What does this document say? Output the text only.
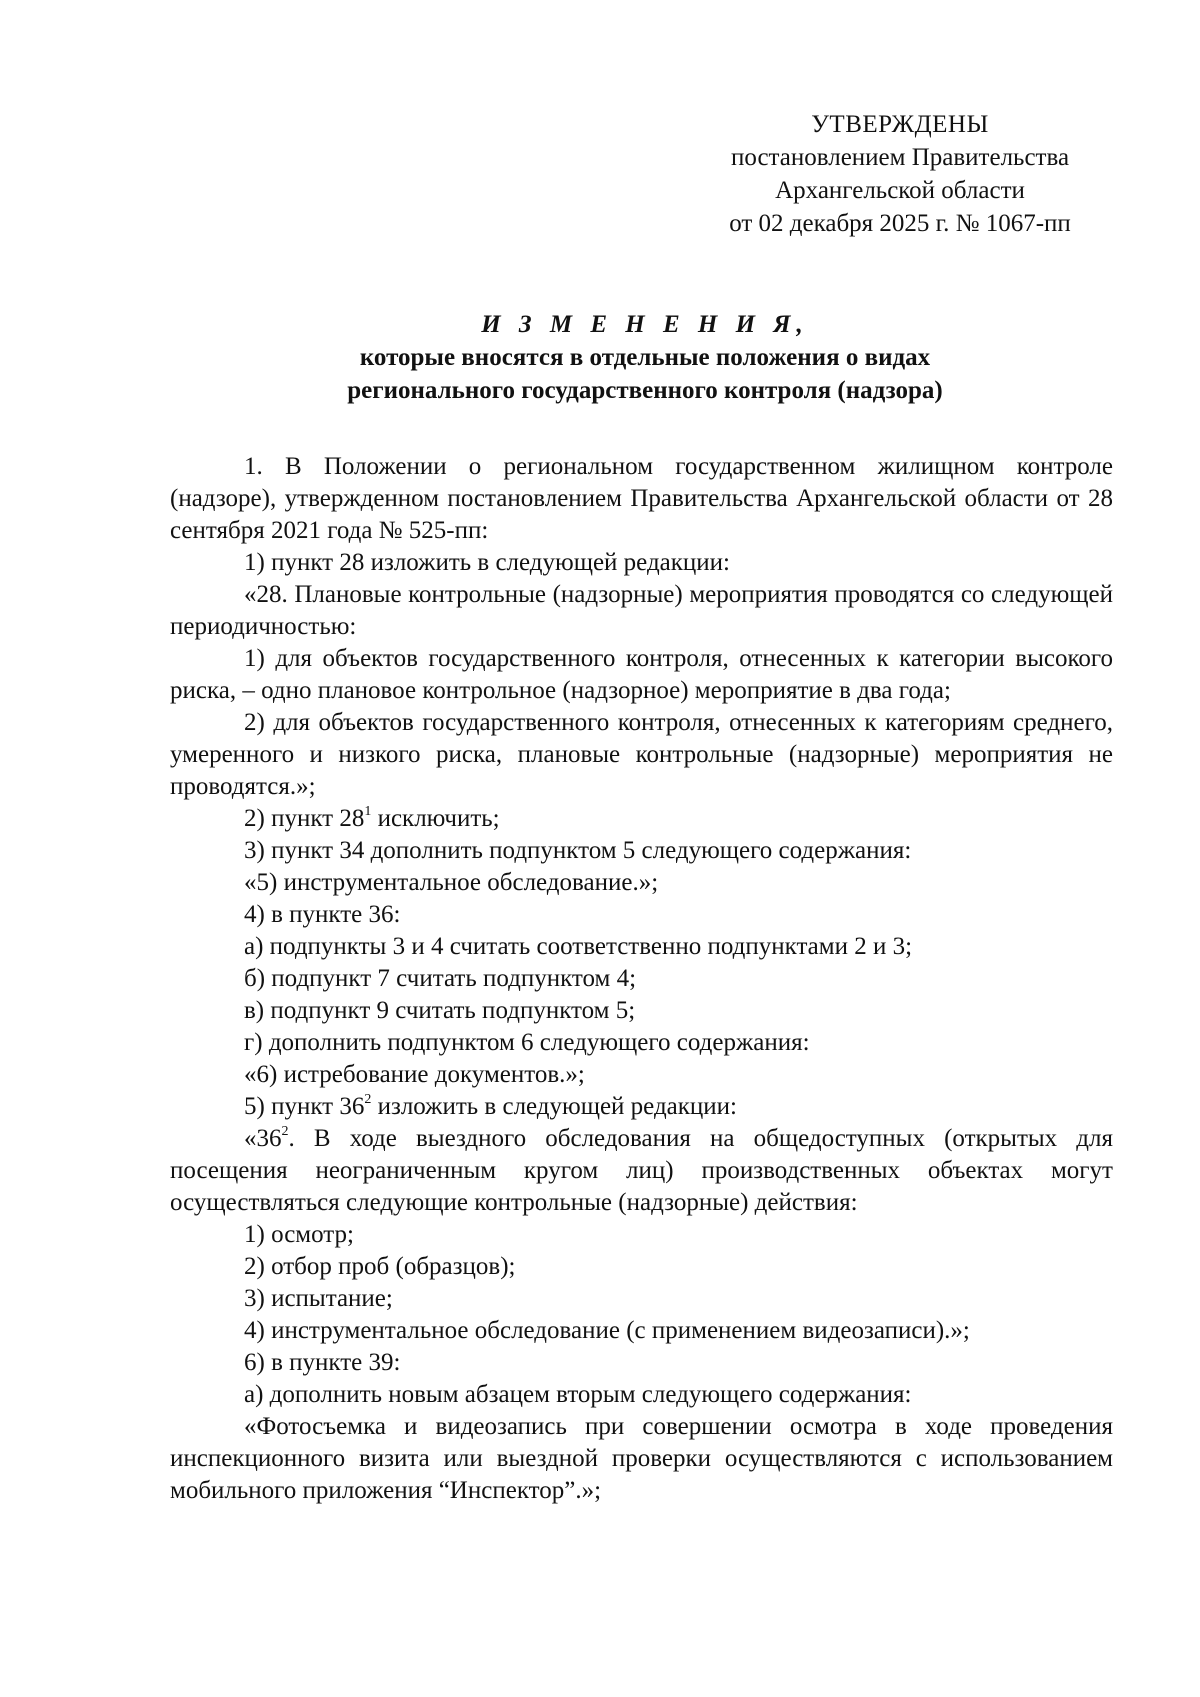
УТВЕРЖДЕНЫ
постановлением Правительства
Архангельской области
от 02 декабря 2025 г. № 1067-пп
И З М Е Н Е Н И Я,
которые вносятся в отдельные положения о видах
регионального государственного контроля (надзора)

1. В Положении о региональном государственном жилищном контроле (надзоре), утвержденном постановлением Правительства Архангельской области от 28 сентября 2021 года № 525-пп:

1) пункт 28 изложить в следующей редакции:

«28. Плановые контрольные (надзорные) мероприятия проводятся со следующей периодичностью:

1) для объектов государственного контроля, отнесенных к категории высокого риска, – одно плановое контрольное (надзорное) мероприятие в два года;

2) для объектов государственного контроля, отнесенных к категориям среднего, умеренного и низкого риска, плановые контрольные (надзорные) мероприятия не проводятся.»;

2) пункт $28^1$ исключить;

3) пункт 34 дополнить подпунктом 5 следующего содержания:

«5) инструментальное обследование.»;

4) в пункте 36:

а) подпункты 3 и 4 считать соответственно подпунктами 2 и 3;

б) подпункт 7 считать подпунктом 4;

в) подпункт 9 считать подпунктом 5;

г) дополнить подпунктом 6 следующего содержания:

«6) истребование документов.»;

5) пункт $36^2$ изложить в следующей редакции:

«$36^2$. В ходе выездного обследования на общедоступных (открытых для посещения неограниченным кругом лиц) производственных объектах могут осуществляться следующие контрольные (надзорные) действия:

1) осмотр;

2) отбор проб (образцов);

3) испытание;

4) инструментальное обследование (с применением видеозаписи).»;

6) в пункте 39:

а) дополнить новым абзацем вторым следующего содержания:

«Фотосъемка и видеозапись при совершении осмотра в ходе проведения инспекционного визита или выездной проверки осуществляются с использованием мобильного приложения “Инспектор”.»;
